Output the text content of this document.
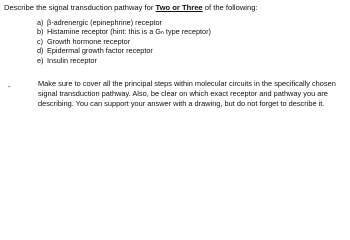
Describe the signal transduction pathway for Two or Three of the following:
a) β-adrenergic (epinephrine) receptor
b) Histamine receptor (hint: this is a Gₕ type receptor)
c) Growth hormone receptor
d) Epidermal growth factor receptor
e) Insulin receptor
-	Make sure to cover all the principal steps within molecular circuits in the specifically chosen
signal transduction pathway. Also, be clear on which exact receptor and pathway you are
describing. You can support your answer with a drawing, but do not forget to describe it.
